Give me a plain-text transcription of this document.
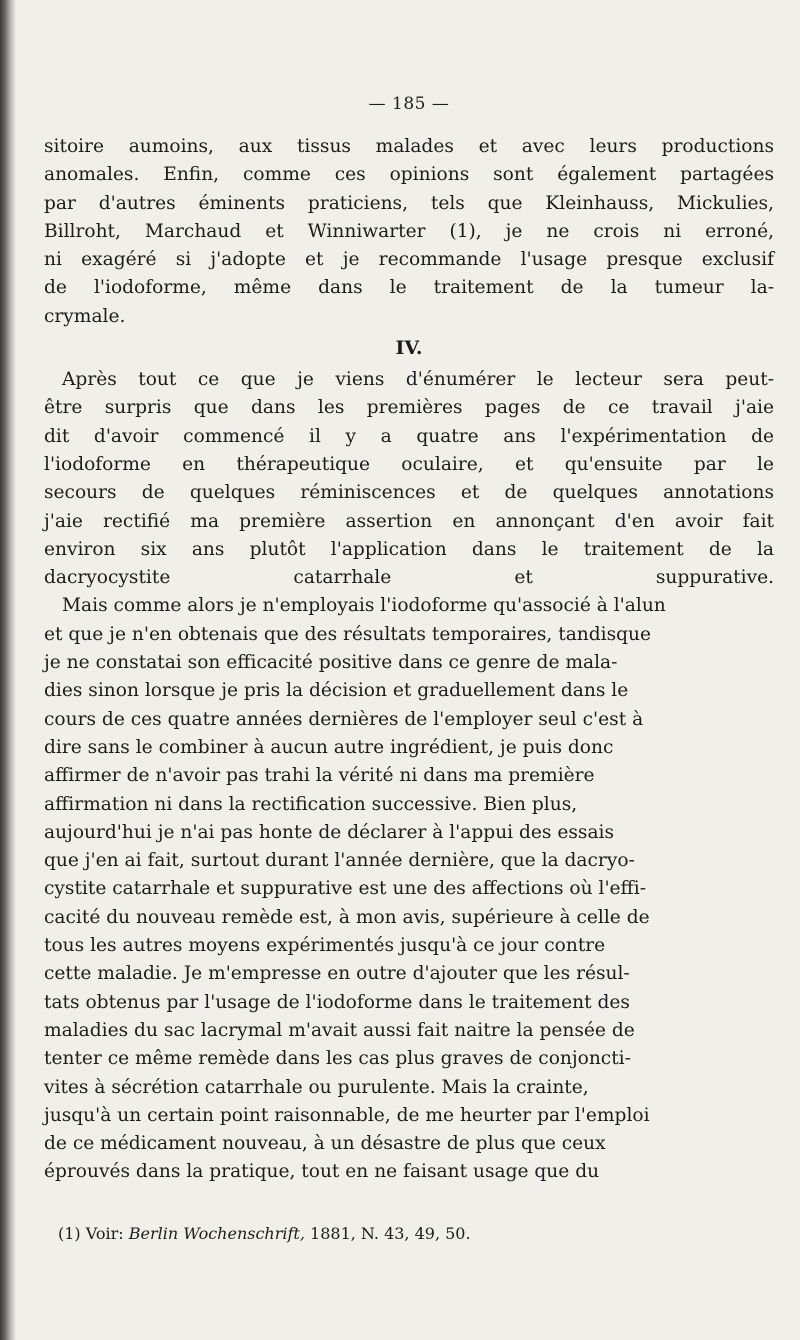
— 185 —

sitoire aumoins, aux tissus malades et avec leurs productions
anomales. Enfin, comme ces opinions sont également partagées
par d'autres éminents praticiens, tels que Kleinhauss, Mickulies,
Billroht, Marchaud et Winniwarter (1), je ne crois ni erroné,
ni exagéré si j'adopte et je recommande l'usage presque exclusif
de l'iodoforme, même dans le traitement de la tumeur la-
crymale.

IV.

Après tout ce que je viens d'énumérer le lecteur sera peut-
être surpris que dans les premières pages de ce travail j'aie
dit d'avoir commencé il y a quatre ans l'expérimentation de
l'iodoforme en thérapeutique oculaire, et qu'ensuite par le
secours de quelques réminiscences et de quelques annotations
j'aie rectifié ma première assertion en annonçant d'en avoir fait
environ six ans plutôt l'application dans le traitement de la
dacryocystite catarrhale et suppurative.

Mais comme alors je n'employais l'iodoforme qu'associé à l'alun
et que je n'en obtenais que des résultats temporaires, tandisque
je ne constatai son efficacité positive dans ce genre de mala-
dies sinon lorsque je pris la décision et graduellement dans le
cours de ces quatre années dernières de l'employer seul c'est à
dire sans le combiner à aucun autre ingrédient, je puis donc
affirmer de n'avoir pas trahi la vérité ni dans ma première
affirmation ni dans la rectification successive. Bien plus,
aujourd'hui je n'ai pas honte de déclarer à l'appui des essais
que j'en ai fait, surtout durant l'année dernière, que la dacryo-
cystite catarrhale et suppurative est une des affections où l'effi-
cacité du nouveau remède est, à mon avis, supérieure à celle de
tous les autres moyens expérimentés jusqu'à ce jour contre
cette maladie. Je m'empresse en outre d'ajouter que les résul-
tats obtenus par l'usage de l'iodoforme dans le traitement des
maladies du sac lacrymal m'avait aussi fait naitre la pensée de
tenter ce même remède dans les cas plus graves de conjoncti-
vites à sécrétion catarrhale ou purulente. Mais la crainte,
jusqu'à un certain point raisonnable, de me heurter par l'emploi
de ce médicament nouveau, à un désastre de plus que ceux
éprouvés dans la pratique, tout en ne faisant usage que du

(1) Voir: Berlin Wochenschrift, 1881, N. 43, 49, 50.
